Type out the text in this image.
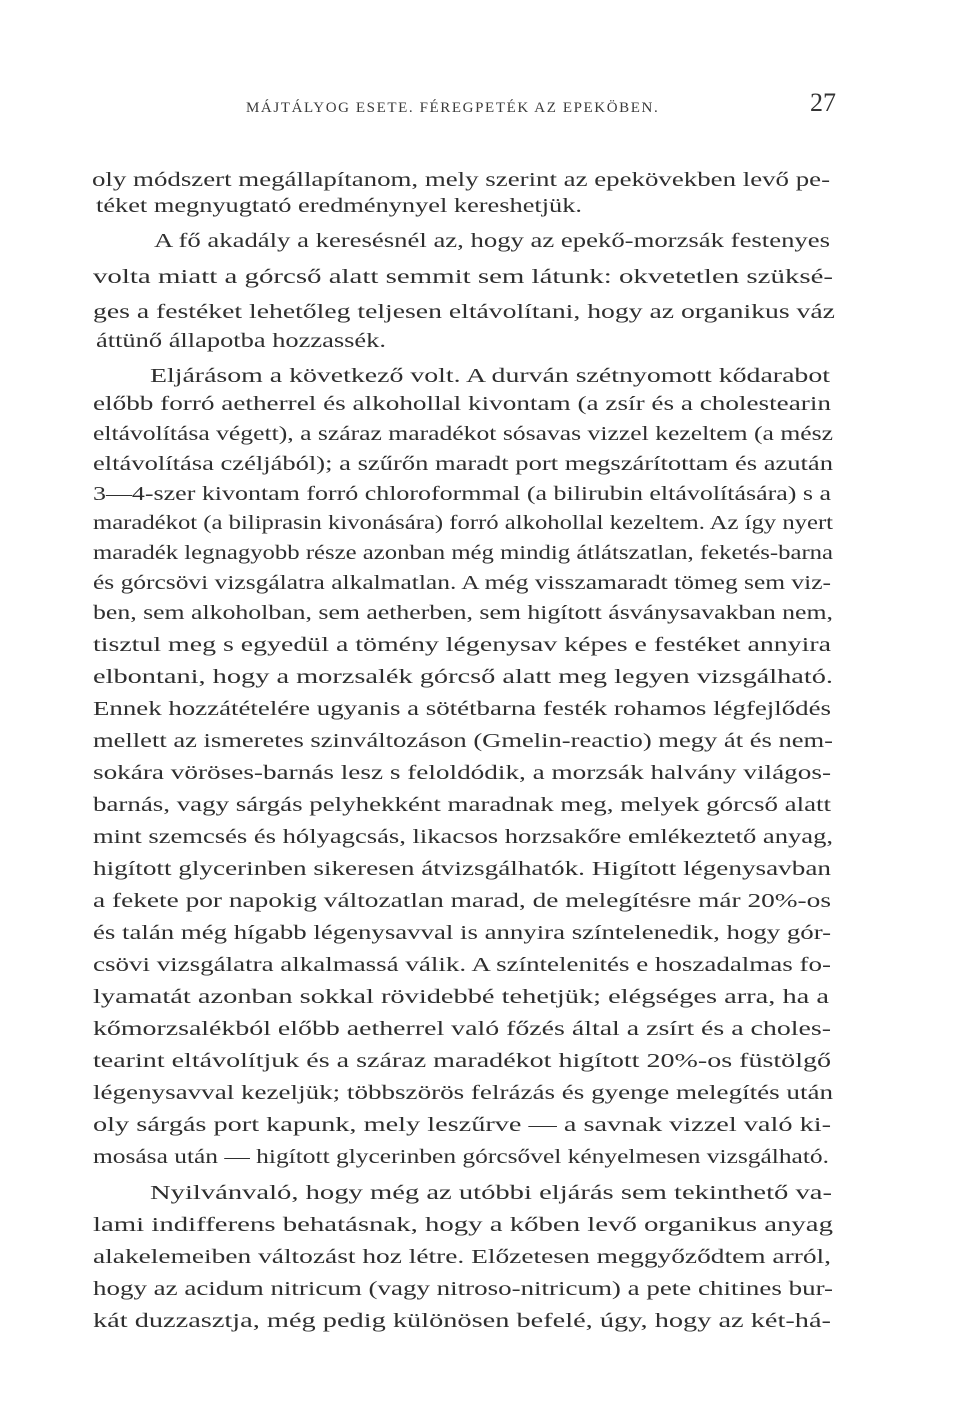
MÁJTÁLYOG ESETE. FÉREGPETÉK AZ EPEKÖBEN.	27
oly módszert megállapítanom, mely szerint az epekövekben levő pe-
téket megnyugtató eredménynyel kereshetjük.
A fő akadály a keresésnél az, hogy az epekő-morzsák festenyes
volta miatt a górcső alatt semmit sem látunk: okvetetlen szüksé-
ges a festéket lehetőleg teljesen eltávolítani, hogy az organikus váz
áttünő állapotba hozzassék.
Eljárásom a következő volt. A durván szétnyomott kődarabot
előbb forró aetherrel és alkohollal kivontam (a zsír és a cholestearin
eltávolítása végett), a száraz maradékot sósavas vizzel kezeltem (a mész
eltávolítása czéljából); a szűrőn maradt port megszárítottam és azután
3—4-szer kivontam forró chloroformmal (a bilirubin eltávolítására) s a
maradékot (a biliprasin kivonására) forró alkohollal kezeltem. Az így nyert
maradék legnagyobb része azonban még mindig átlátszatlan, feketés-barna
és górcsövi vizsgálatra alkalmatlan. A még visszamaradt tömeg sem viz-
ben, sem alkoholban, sem aetherben, sem higított ásványsavakban nem,
tisztul meg s egyedül a tömény légenysav képes e festéket annyira
elbontani, hogy a morzsalék górcső alatt meg legyen vizsgálható.
Ennek hozzátételére ugyanis a sötétbarna festék rohamos légfejlődés
mellett az ismeretes szinváltozáson (Gmelin-reactio) megy át és nem-
sokára vöröses-barnás lesz s feloldódik, a morzsák halvány világos-
barnás, vagy sárgás pelyhekként maradnak meg, melyek górcső alatt
mint szemcsés és hólyagcsás, likacsos horzsakőre emlékeztető anyag,
higított glycerinben sikeresen átvizsgálhatók. Higított légenysavban
a fekete por napokig változatlan marad, de melegítésre már 20%-os
és talán még hígabb légenysavval is annyira színtelenedik, hogy gór-
csövi vizsgálatra alkalmassá válik. A színtelenités e hoszadalmas fo-
lyamatát azonban sokkal rövidebbé tehetjük; elégséges arra, ha a
kőmorzsalékból előbb aetherrel való főzés által a zsírt és a choles-
tearint eltávolítjuk és a száraz maradékot higított 20%-os füstölgő
légenysavval kezeljük; többszörös felrázás és gyenge melegítés után
oly sárgás port kapunk, mely leszűrve — a savnak vizzel való ki-
mosása után — higított glycerinben górcsővel kényelmesen vizsgálható.
Nyilvánvaló, hogy még az utóbbi eljárás sem tekinthető va-
lami indifferens behatásnak, hogy a kőben levő organikus anyag
alakelemeiben változást hoz létre. Előzetesen meggyőződtem arról,
hogy az acidum nitricum (vagy nitroso-nitricum) a pete chitines bur-
kát duzzasztja, még pedig különösen befelé, úgy, hogy az két-há-
